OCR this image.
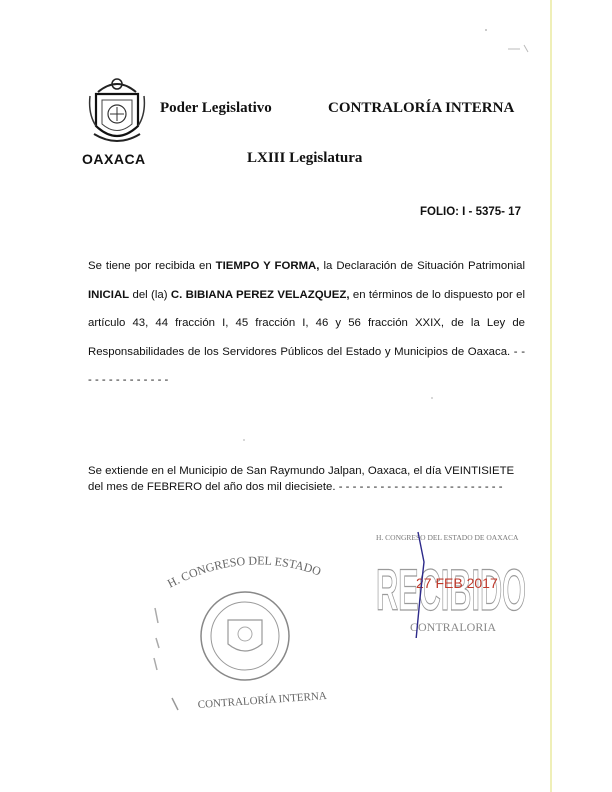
OAXACA
Poder Legislativo	CONTRALORÍA INTERNA
LXIII Legislatura
FOLIO: I - 5375- 17
Se tiene por recibida en TIEMPO Y FORMA, la Declaración de Situación Patrimonial INICIAL del (la) C. BIBIANA PEREZ VELAZQUEZ, en términos de lo dispuesto por el artículo 43, 44 fracción I, 45 fracción I, 46 y 56 fracción XXIX, de la Ley de Responsabilidades de los Servidores Públicos del Estado y Municipios de Oaxaca. - - - - - - - - - - - - - -
Se extiende en el Municipio de San Raymundo Jalpan, Oaxaca, el día VEINTISIETE del mes de FEBRERO del año dos mil diecisiete. - - - - - - - - - - - - - - - - - - - - - - - -
H. CONGRESO DEL ESTADO DE OAXACA
RECIBIDO
27 FEB 2017
CONTRALORIA
H. CONGRESO DEL ESTADO
CONTRALORÍA INTERNA
